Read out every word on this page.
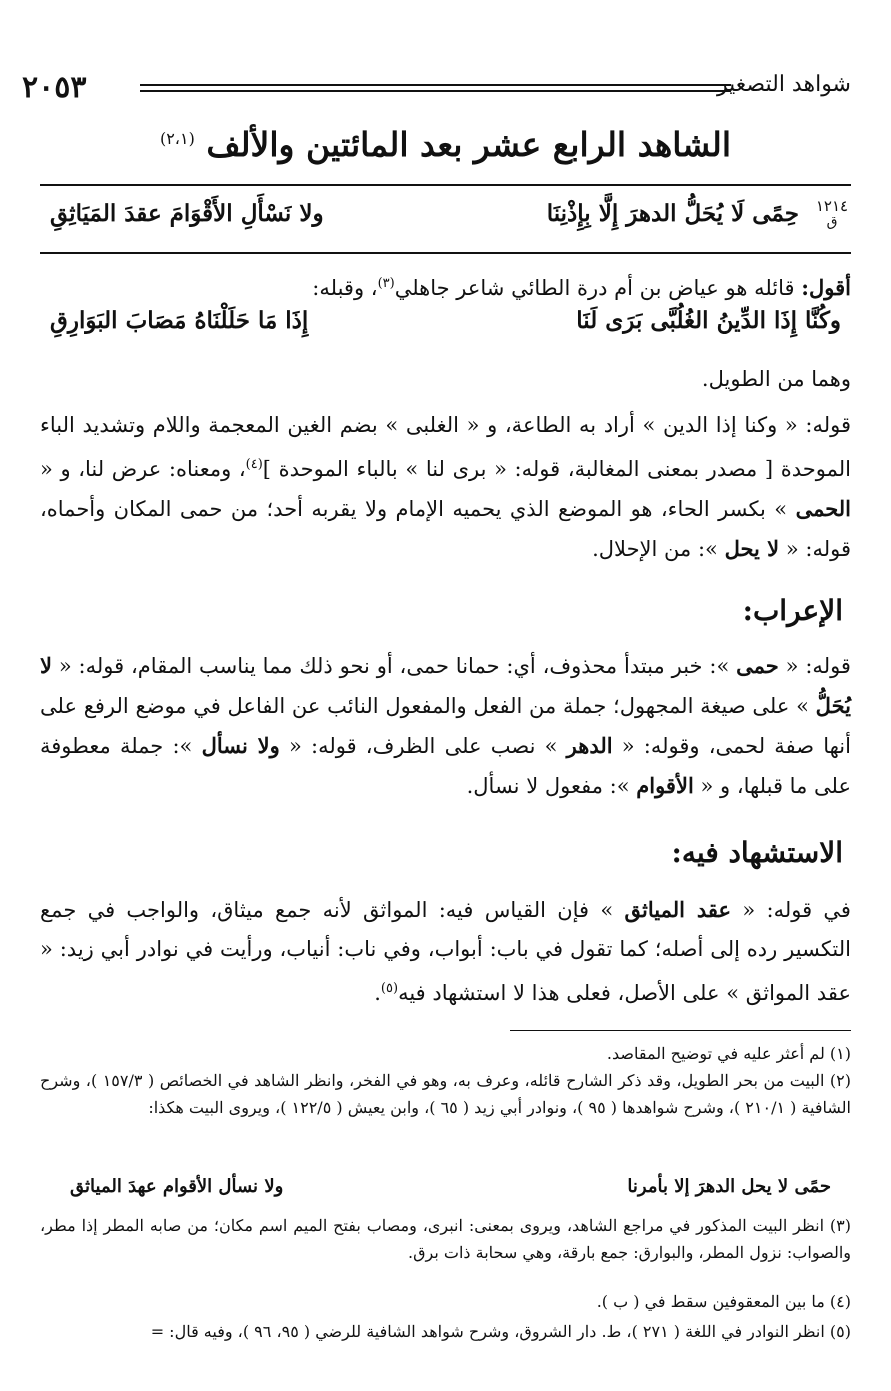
٢٠٥٣	شواهد التصغير
الشاهد الرابع عشر بعد المائتين والألف $^{(٢،١)}$
١٢١٤
ق
حِمًى لَا يُحَلُّ الدهرَ إِلَّا بِإِذْنِنَا
ولا نَسْأَلِ الأَقْوَامَ عقدَ المَيَاثِقِ
أقول: قائله هو عياض بن أم درة الطائي شاعر جاهلي$^{(٣)}$، وقبله:
وكُنَّا إِذَا الدِّينُ الغُلُبَّى بَرَى لَنَا
إِذَا مَا حَلَلْنَاهُ مَصَابَ البَوَارِقِ
وهما من الطويل.
قوله: « وكنا إذا الدين » أراد به الطاعة، و « الغلبى » بضم الغين المعجمة واللام وتشديد الباء الموحدة [ مصدر بمعنى المغالبة، قوله: « برى لنا » بالباء الموحدة ]$^{(٤)}$، ومعناه: عرض لنا، و « الحمى » بكسر الحاء، هو الموضع الذي يحميه الإمام ولا يقربه أحد؛ من حمى المكان وأحماه، قوله: « لا يحل »: من الإحلال.
الإعراب:
قوله: « حمى »: خبر مبتدأ محذوف، أي: حمانا حمى، أو نحو ذلك مما يناسب المقام، قوله: « لا يُحَلُّ » على صيغة المجهول؛ جملة من الفعل والمفعول النائب عن الفاعل في موضع الرفع على أنها صفة لحمى، وقوله: « الدهر » نصب على الظرف، قوله: « ولا نسأل »: جملة معطوفة على ما قبلها، و « الأقوام »: مفعول لا نسأل.
الاستشهاد فيه:
في قوله: « عقد المياثق » فإن القياس فيه: المواثق لأنه جمع ميثاق، والواجب في جمع التكسير رده إلى أصله؛ كما تقول في باب: أبواب، وفي ناب: أنياب، ورأيت في نوادر أبي زيد: « عقد المواثق » على الأصل، فعلى هذا لا استشهاد فيه$^{(٥)}$.
(١) لم أعثر عليه في توضيح المقاصد.
(٢) البيت من بحر الطويل، وقد ذكر الشارح قائله، وعرف به، وهو في الفخر، وانظر الشاهد في الخصائص ( ١٥٧/٣ )، وشرح الشافية ( ٢١٠/١ )، وشرح شواهدها ( ٩٥ )، ونوادر أبي زيد ( ٦٥ )، وابن يعيش ( ١٢٢/٥ )، ويروى البيت هكذا:
حمًى لا يحل الدهرَ إلا بأمرنا
ولا نسأل الأقوام عهدَ المياثق
(٣) انظر البيت المذكور في مراجع الشاهد، ويروى بمعنى: انبرى، ومصاب بفتح الميم اسم مكان؛ من صابه المطر إذا مطر، والصواب: نزول المطر، والبوارق: جمع بارقة، وهي سحابة ذات برق.
(٤) ما بين المعقوفين سقط في ( ب ).
(٥) انظر النوادر في اللغة ( ٢٧١ )، ط. دار الشروق، وشرح شواهد الشافية للرضي ( ٩٥، ٩٦ )، وفيه قال: =
